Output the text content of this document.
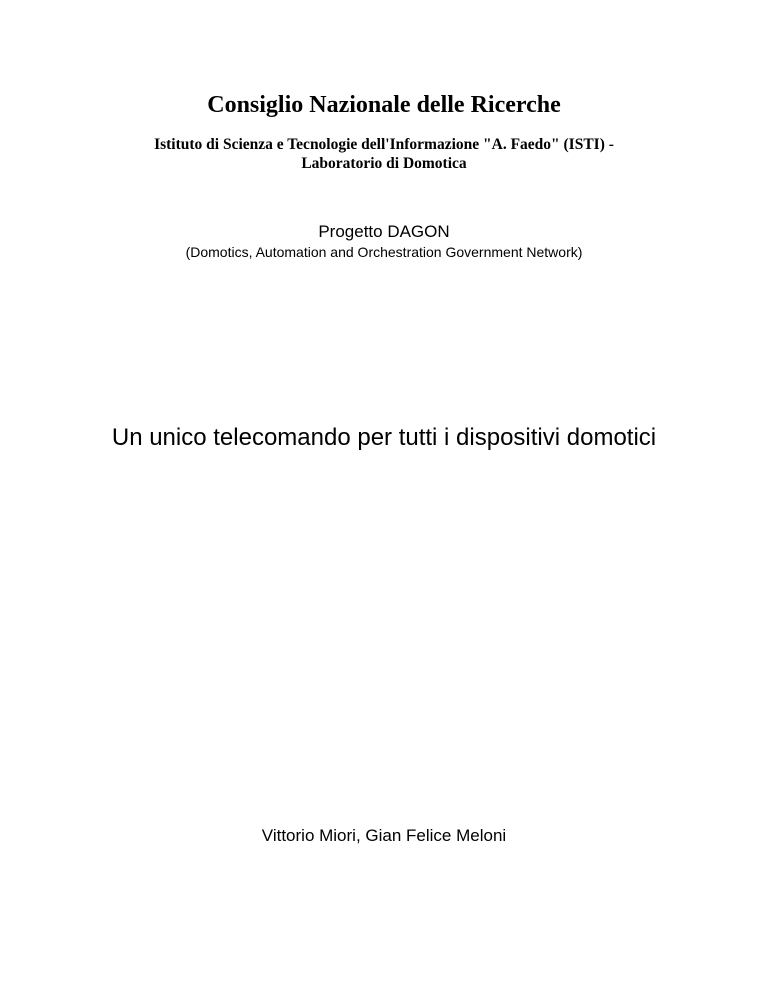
Consiglio Nazionale delle Ricerche
Istituto di Scienza e Tecnologie dell'Informazione "A. Faedo" (ISTI) -
Laboratorio di Domotica
Progetto DAGON
(Domotics, Automation and Orchestration Government Network)
Un unico telecomando per tutti i dispositivi domotici
Vittorio Miori, Gian Felice Meloni
